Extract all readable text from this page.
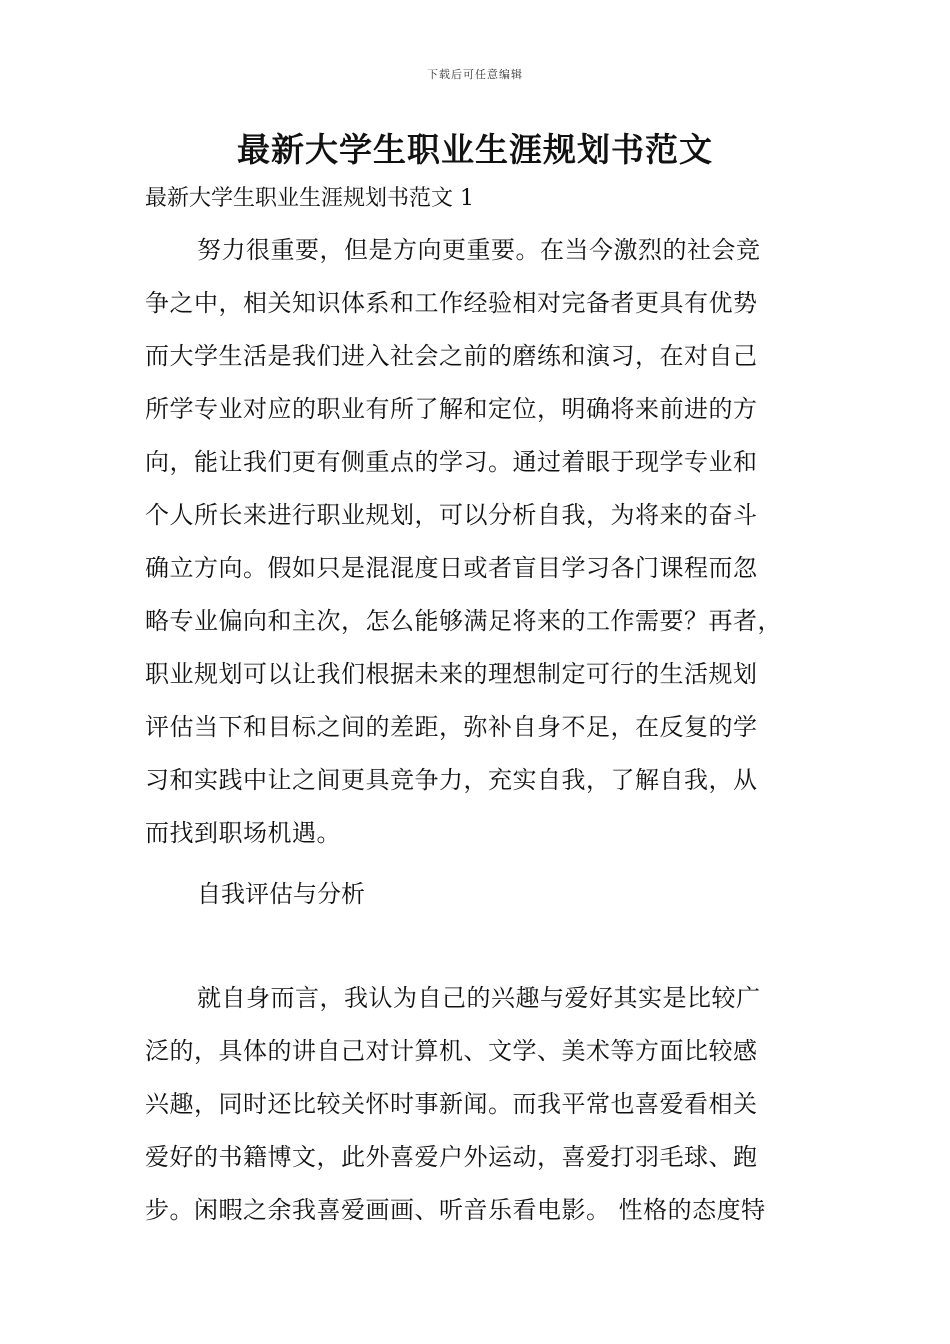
下载后可任意编辑
最新大学生职业生涯规划书范文
最新大学生职业生涯规划书范文 1
努力很重要，但是方向更重要。在当今激烈的社会竞
争之中，相关知识体系和工作经验相对完备者更具有优势
而大学生活是我们进入社会之前的磨练和演习，在对自己
所学专业对应的职业有所了解和定位，明确将来前进的方
向，能让我们更有侧重点的学习。通过着眼于现学专业和
个人所长来进行职业规划，可以分析自我，为将来的奋斗
确立方向。假如只是混混度日或者盲目学习各门课程而忽
略专业偏向和主次，怎么能够满足将来的工作需要？再者，
职业规划可以让我们根据未来的理想制定可行的生活规划
评估当下和目标之间的差距，弥补自身不足，在反复的学
习和实践中让之间更具竞争力，充实自我，了解自我，从
而找到职场机遇。
自我评估与分析
就自身而言，我认为自己的兴趣与爱好其实是比较广
泛的，具体的讲自己对计算机、文学、美术等方面比较感
兴趣，同时还比较关怀时事新闻。而我平常也喜爱看相关
爱好的书籍博文，此外喜爱户外运动，喜爱打羽毛球、跑
步。闲暇之余我喜爱画画、听音乐看电影。 性格的态度特
